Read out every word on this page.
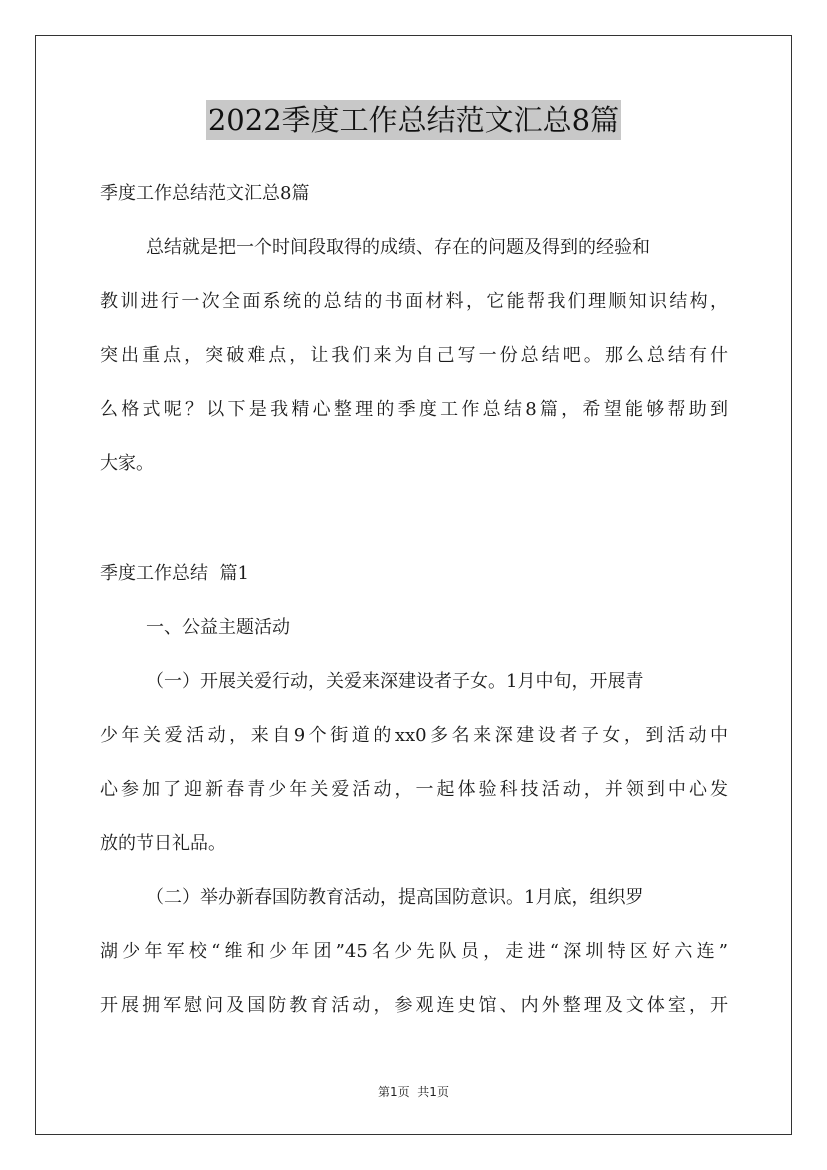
2022季度工作总结范文汇总8篇
季度工作总结范文汇总8篇
总结就是把一个时间段取得的成绩、存在的问题及得到的经验和
教训进行一次全面系统的总结的书面材料，它能帮我们理顺知识结构，
突出重点，突破难点，让我们来为自己写一份总结吧。那么总结有什
么格式呢？以下是我精心整理的季度工作总结8篇，希望能够帮助到
大家。
季度工作总结  篇1
一、公益主题活动
（一）开展关爱行动，关爱来深建设者子女。1月中旬，开展青
少年关爱活动，来自9个街道的xx0多名来深建设者子女，到活动中
心参加了迎新春青少年关爱活动，一起体验科技活动，并领到中心发
放的节日礼品。
（二）举办新春国防教育活动，提高国防意识。1月底，组织罗
湖少年军校“维和少年团”45名少先队员，走进“深圳特区好六连”
开展拥军慰问及国防教育活动，参观连史馆、内外整理及文体室，开
第1页  共1页
